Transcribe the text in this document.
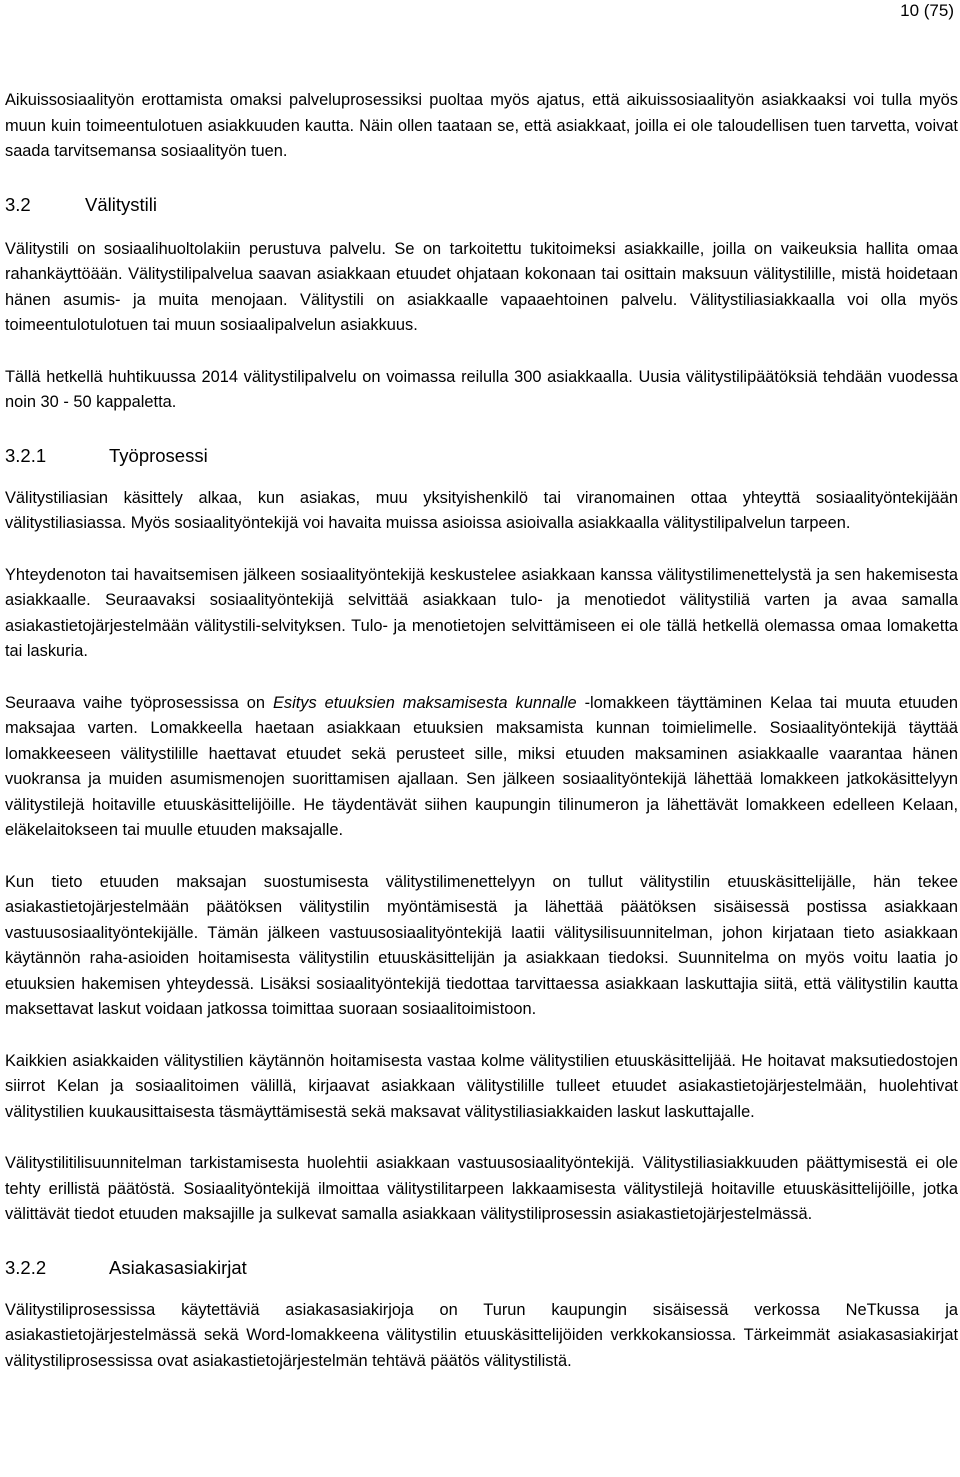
10 (75)

Aikuissosiaalityön erottamista omaksi palveluprosessiksi puoltaa myös ajatus, että aikuissosiaalityön asiakkaaksi voi tulla myös muun kuin toimeentulotuen asiakkuuden kautta. Näin ollen taataan se, että asiakkaat, joilla ei ole taloudellisen tuen tarvetta, voivat saada tarvitsemansa sosiaalityön tuen.

3.2	Välitystili

Välitystili on sosiaalihuoltolakiin perustuva palvelu. Se on tarkoitettu tukitoimeksi asiakkaille, joilla on vaikeuksia hallita omaa rahankäyttöään. Välitystilipalvelua saavan asiakkaan etuudet ohjataan kokonaan tai osittain maksuun välitystilille, mistä hoidetaan hänen asumis- ja muita menojaan. Välitystili on asiakkaalle vapaaehtoinen palvelu. Välitystiliasiakkaalla voi olla myös toimeentulotulotuen tai muun sosiaalipalvelun asiakkuus.

Tällä hetkellä huhtikuussa 2014 välitystilipalvelu on voimassa reilulla 300 asiakkaalla. Uusia välitystilipäätöksiä tehdään vuodessa noin 30 - 50 kappaletta.

3.2.1	Työprosessi

Välitystiliasian käsittely alkaa, kun asiakas, muu yksityishenkilö tai viranomainen ottaa yhteyttä sosiaalityöntekijään välitystiliasiassa. Myös sosiaalityöntekijä voi havaita muissa asioissa asioivalla asiakkaalla välitystilipalvelun tarpeen.

Yhteydenoton tai havaitsemisen jälkeen sosiaalityöntekijä keskustelee asiakkaan kanssa välitystilimenettelystä ja sen hakemisesta asiakkaalle. Seuraavaksi sosiaalityöntekijä selvittää asiakkaan tulo- ja menotiedot välitystiliä varten ja avaa samalla asiakastietojärjestelmään välitystili-selvityksen. Tulo- ja menotietojen selvittämiseen ei ole tällä hetkellä olemassa omaa lomaketta tai laskuria.

Seuraava vaihe työprosessissa on Esitys etuuksien maksamisesta kunnalle -lomakkeen täyttäminen Kelaa tai muuta etuuden maksajaa varten. Lomakkeella haetaan asiakkaan etuuksien maksamista kunnan toimielimelle. Sosiaalityöntekijä täyttää lomakkeeseen välitystilille haettavat etuudet sekä perusteet sille, miksi etuuden maksaminen asiakkaalle vaarantaa hänen vuokransa ja muiden asumismenojen suorittamisen ajallaan. Sen jälkeen sosiaalityöntekijä lähettää lomakkeen jatkokäsittelyyn välitystilejä hoitaville etuuskäsittelijöille. He täydentävät siihen kaupungin tilinumeron ja lähettävät lomakkeen edelleen Kelaan, eläkelaitokseen tai muulle etuuden maksajalle.

Kun tieto etuuden maksajan suostumisesta välitystilimenettelyyn on tullut välitystilin etuuskäsittelijälle, hän tekee asiakastietojärjestelmään päätöksen välitystilin myöntämisestä ja lähettää päätöksen sisäisessä postissa asiakkaan vastuusosiaalityöntekijälle. Tämän jälkeen vastuusosiaalityöntekijä laatii välitysilisuunnitelman, johon kirjataan tieto asiakkaan käytännön raha-asioiden hoitamisesta välitystilin etuuskäsittelijän ja asiakkaan tiedoksi. Suunnitelma on myös voitu laatia jo etuuksien hakemisen yhteydessä. Lisäksi sosiaalityöntekijä tiedottaa tarvittaessa asiakkaan laskuttajia siitä, että välitystilin kautta maksettavat laskut voidaan jatkossa toimittaa suoraan sosiaalitoimistoon.

Kaikkien asiakkaiden välitystilien käytännön hoitamisesta vastaa kolme välitystilien etuuskäsittelijää. He hoitavat maksutiedostojen siirrot Kelan ja sosiaalitoimen välillä, kirjaavat asiakkaan välitystilille tulleet etuudet asiakastietojärjestelmään, huolehtivat välitystilien kuukausittaisesta täsmäyttämisestä sekä maksavat välitystiliasiakkaiden laskut laskuttajalle.

Välitystilitilisuunnitelman tarkistamisesta huolehtii asiakkaan vastuusosiaalityöntekijä. Välitystiliasiakkuuden päättymisestä ei ole tehty erillistä päätöstä. Sosiaalityöntekijä ilmoittaa välitystilitarpeen lakkaamisesta välitystilejä hoitaville etuuskäsittelijöille, jotka välittävät tiedot etuuden maksajille ja sulkevat samalla asiakkaan välitystiliprosessin asiakastietojärjestelmässä.

3.2.2	Asiakasasiakirjat

Välitystiliprosessissa käytettäviä asiakasasiakirjoja on Turun kaupungin sisäisessä verkossa NeTkussa ja asiakastietojärjestelmässä sekä Word-lomakkeena välitystilin etuuskäsittelijöiden verkkokansiossa. Tärkeimmät asiakasasiakirjat välitystiliprosessissa ovat asiakastietojärjestelmän tehtävä päätös välitystilistä.
